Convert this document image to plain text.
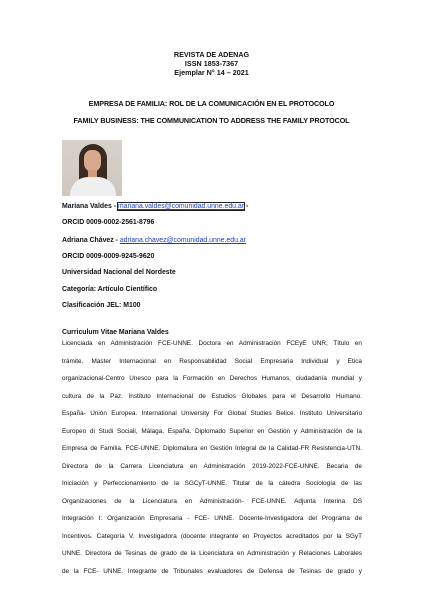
REVISTA DE ADENAG
ISSN 1853-7367
Ejemplar N° 14 – 2021
EMPRESA DE FAMILIA: ROL DE LA COMUNICACIÓN EN EL PROTOCOLO
FAMILY BUSINESS: THE COMMUNICATION TO ADDRESS THE FAMILY PROTOCOL
Mariana Valdes - mariana.valdes@comunidad.unne.edu.ar -
ORCID 0009-0002-2561-8796
Adriana Chávez - adriana.chavez@comunidad.unne.edu.ar
ORCID 0009-0009-9245-9620
Universidad Nacional del Nordeste
Categoría: Artículo Científico
Clasificación JEL: M100
Curriculum Vitae Mariana Valdes
Licenciada en Administración FCE-UNNE. Doctora en Administración FCEyE UNR, Título en
trámite. Master Internacional en Responsabilidad Social Empresaria Individual y Ética
organizacional-Centro Unesco para la Formación en Derechos Humanos, ciudadanía mundial y
cultura de la Paz. Instituto Internacional de Estudios Globales para el Desarrollo Humano.
España- Unión Europea. International University For Global Studies Belice. Instituto Universitario
Europeo di Studi Sociali, Málaga, España. Diplomado Superior en Gestión y Administración de la
Empresa de Familia. FCE-UNNE. Diplomatura en Gestión Integral de la Calidad-FR Resistencia-UTN.
Directora de la Carrera Licenciatura en Administración 2019-2022-FCE-UNNE. Becaria de
Iniciación y Perfeccionamiento de la SGCyT-UNNE. Titular de la cátedra Sociología de las
Organizaciones de la Licenciatura en Administración- FCE-UNNE. Adjunta Interina DS
Integración I: Organización Empresaria - FCE- UNNE. Docente-Investigadora del Programa de
Incentivos. Categoría V. Investigadora (docente integrante en Proyectos acreditados por la SGyT
UNNE. Directora de Tesinas de grado de la Licenciatura en Administración y Relaciones Laborales
de la FCE- UNNE. Integrante de Tribunales evaluadores de Defensa de Tesinas de grado y
